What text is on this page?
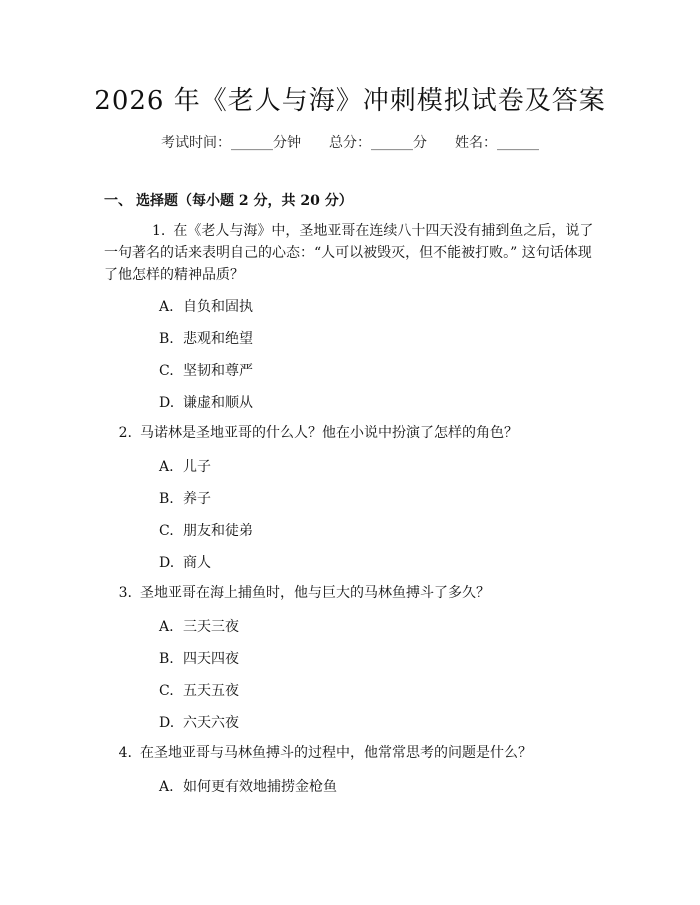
2026 年《老人与海》冲刺模拟试卷及答案
考试时间：______分钟 总分：______分 姓名：______
一、 选择题（每小题 2 分，共 20 分）
1. 在《老人与海》中，圣地亚哥在连续八十四天没有捕到鱼之后，说了一句著名的话来表明自己的心态：“人可以被毁灭，但不能被打败。” 这句话体现了他怎样的精神品质？
A. 自负和固执
B. 悲观和绝望
C. 坚韧和尊严
D. 谦虚和顺从
2. 马诺林是圣地亚哥的什么人？他在小说中扮演了怎样的角色？
A. 儿子
B. 养子
C. 朋友和徒弟
D. 商人
3. 圣地亚哥在海上捕鱼时，他与巨大的马林鱼搏斗了多久？
A. 三天三夜
B. 四天四夜
C. 五天五夜
D. 六天六夜
4. 在圣地亚哥与马林鱼搏斗的过程中，他常常思考的问题是什么？
A. 如何更有效地捕捞金枪鱼
